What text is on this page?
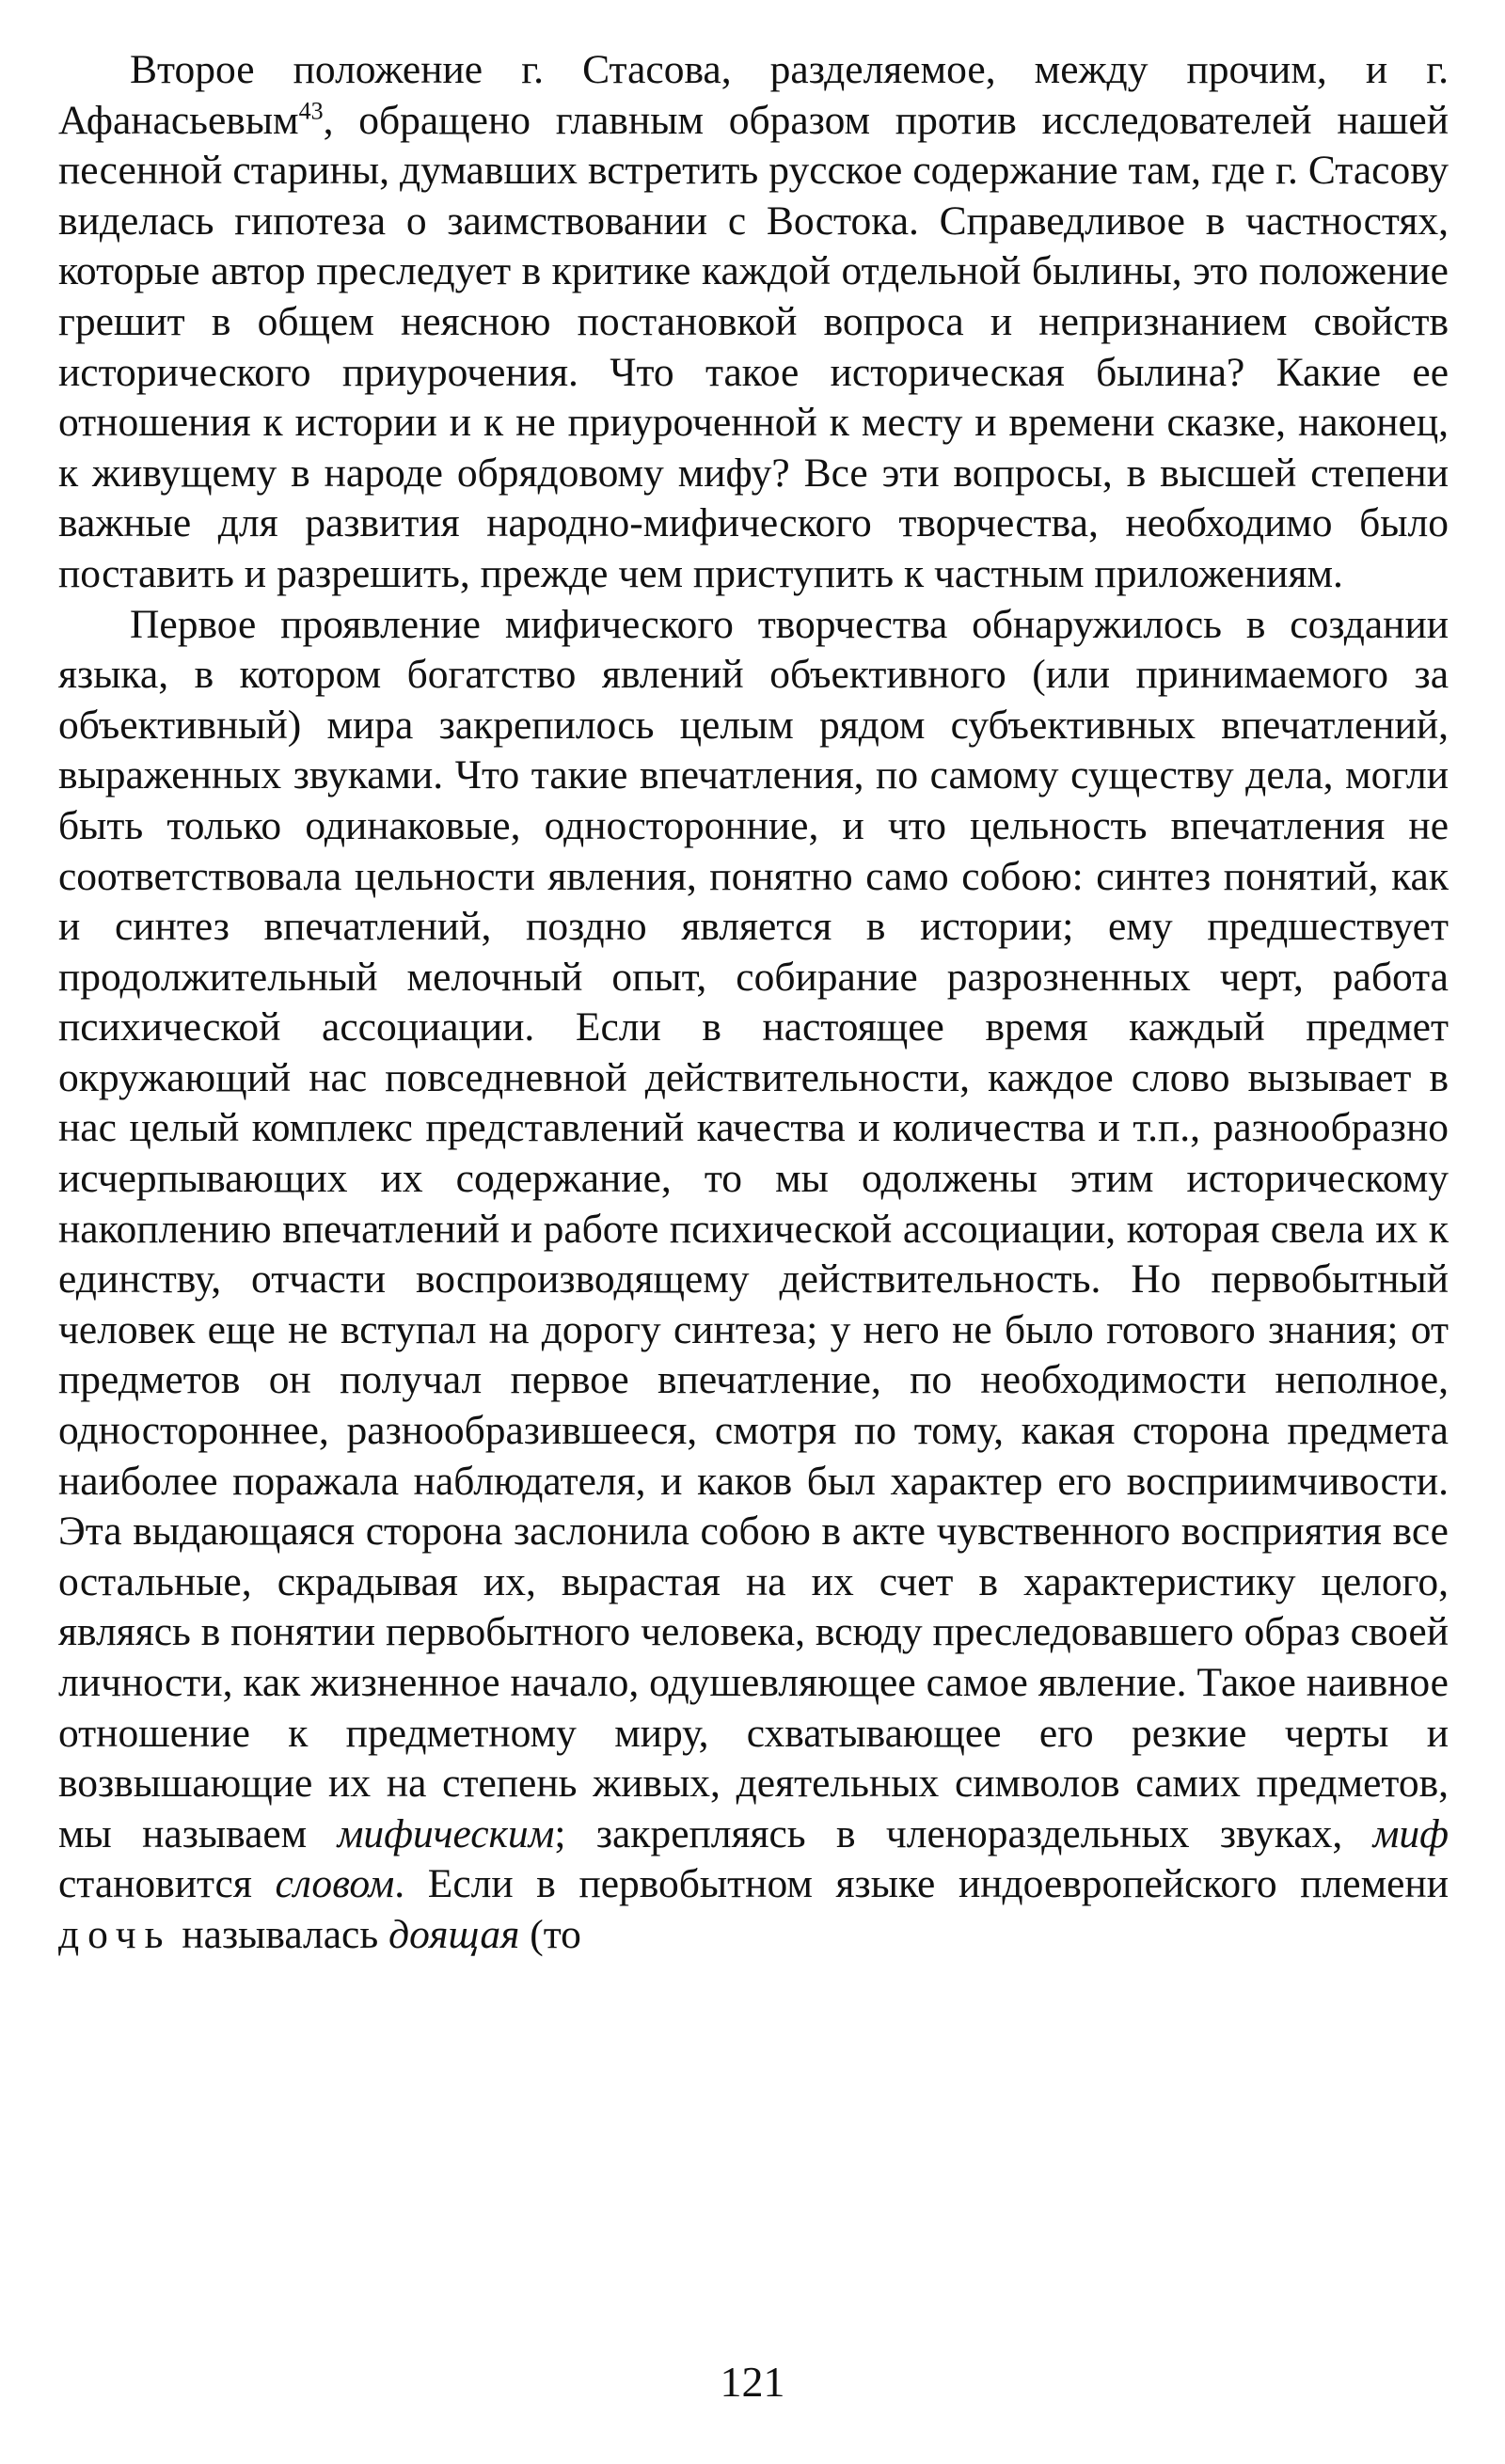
Второе положение г. Стасова, разделяемое, между прочим, и г. Афанасьевым$^{43}$, обращено главным образом против исследователей нашей песенной старины, думавших встретить русское содержание там, где г. Стасову виделась гипотеза о заимствовании с Востока. Справедливое в частностях, которые автор преследует в критике каждой отдельной былины, это положение грешит в общем неясною постановкой вопроса и непризнанием свойств исторического приурочения. Что такое историческая былина? Какие ее отношения к истории и к не приуроченной к месту и времени сказке, наконец, к живущему в народе обрядовому мифу? Все эти вопросы, в высшей степени важные для развития народно-мифического творчества, необходимо было поставить и разрешить, прежде чем приступить к частным приложениям.

Первое проявление мифического творчества обнаружилось в создании языка, в котором богатство явлений объективного (или принимаемого за объективный) мира закрепилось целым рядом субъективных впечатлений, выраженных звуками. Что такие впечатления, по самому существу дела, могли быть только одинаковые, односторонние, и что цельность впечатления не соответствовала цельности явления, понятно само собою: синтез понятий, как и синтез впечатлений, поздно является в истории; ему предшествует продолжительный мелочный опыт, собирание разрозненных черт, работа психической ассоциации. Если в настоящее время каждый предмет окружающий нас повседневной действительности, каждое слово вызывает в нас целый комплекс представлений качества и количества и т.п., разнообразно исчерпывающих их содержание, то мы одолжены этим историческому накоплению впечатлений и работе психической ассоциации, которая свела их к единству, отчасти воспроизводящему действительность. Но первобытный человек еще не вступал на дорогу синтеза; у него не было готового знания; от предметов он получал первое впечатление, по необходимости неполное, одностороннее, разнообразившееся, смотря по тому, какая сторона предмета наиболее поражала наблюдателя, и каков был характер его восприимчивости. Эта выдающаяся сторона заслонила собою в акте чувственного восприятия все остальные, скрадывая их, вырастая на их счет в характеристику целого, являясь в понятии первобытного человека, всюду преследовавшего образ своей личности, как жизненное начало, одушевляющее самое явление. Такое наивное отношение к предметному миру, схватывающее его резкие черты и возвышающие их на степень живых, деятельных символов самих предметов, мы называем мифическим; закрепляясь в членораздельных звуках, миф становится словом. Если в первобытном языке индоевропейского племени дочь называлась доящая (то

121
